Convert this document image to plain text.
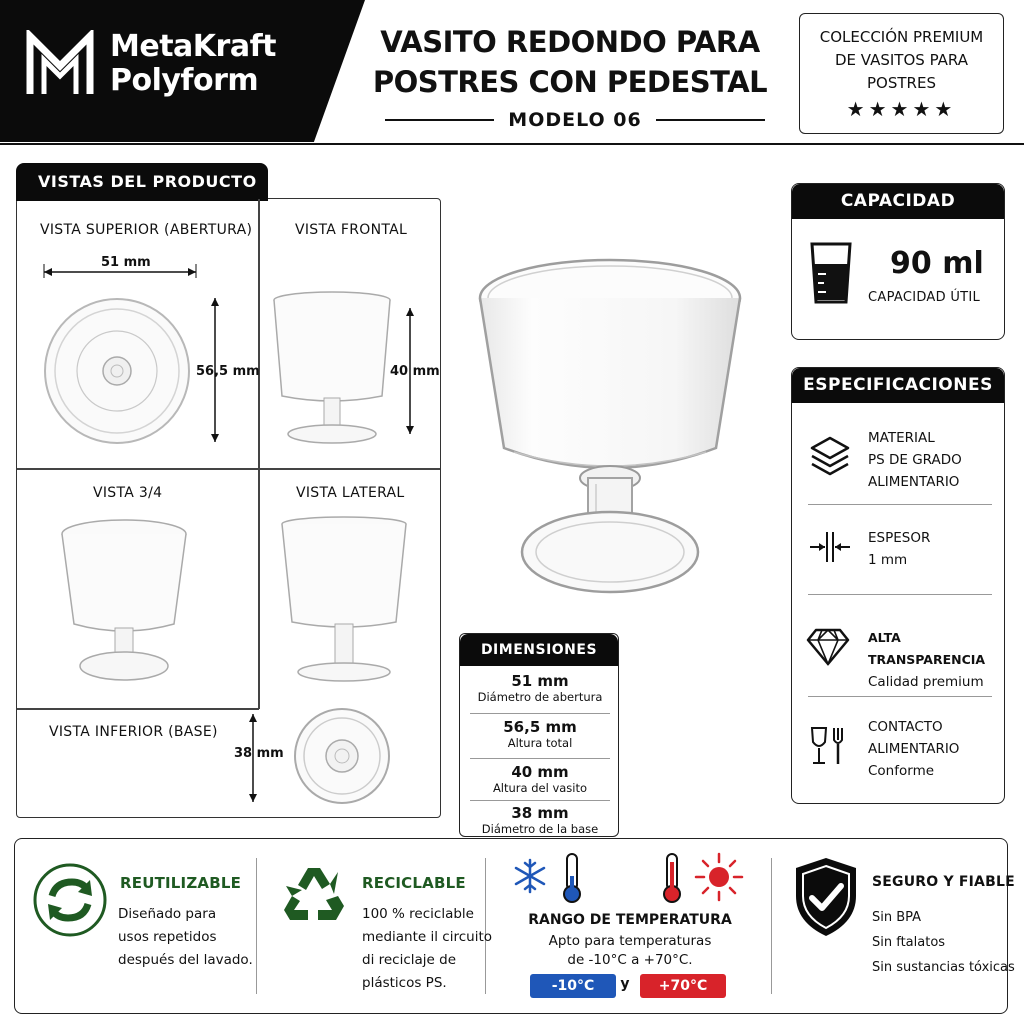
MetaKraft
Polyform
VASITO REDONDO PARA
POSTRES CON PEDESTAL
MODELO 06
COLECCIÓN PREMIUM
DE VASITOS PARA
POSTRES
★★★★★
VISTAS DEL PRODUCTO
VISTA SUPERIOR (ABERTURA)
51 mm
56,5 mm
VISTA FRONTAL
40 mm
VISTA 3/4	VISTA LATERAL
VISTA INFERIOR (BASE)
38 mm
DIMENSIONES
51 mm
Diámetro de abertura
56,5 mm
Altura total
40 mm
Altura del vasito
38 mm
Diámetro de la base
CAPACIDAD
90 ml
CAPACIDAD ÚTIL
ESPECIFICACIONES
MATERIAL
PS DE GRADO
ALIMENTARIO
ESPESOR
1 mm
ALTA TRANSPARENCIA
Calidad premium
CONTACTO
ALIMENTARIO
Conforme
REUTILIZABLE
Diseñado para
usos repetidos
después del lavado.
RECICLABLE
100 % reciclable
mediante il circuito
di reciclaje de
plásticos PS.
RANGO DE TEMPERATURA
Apto para temperaturas
de -10°C a +70°C.
-10°C	y	+70°C
SEGURO Y FIABLE
Sin BPA
Sin ftalatos
Sin sustancias tóxicas
